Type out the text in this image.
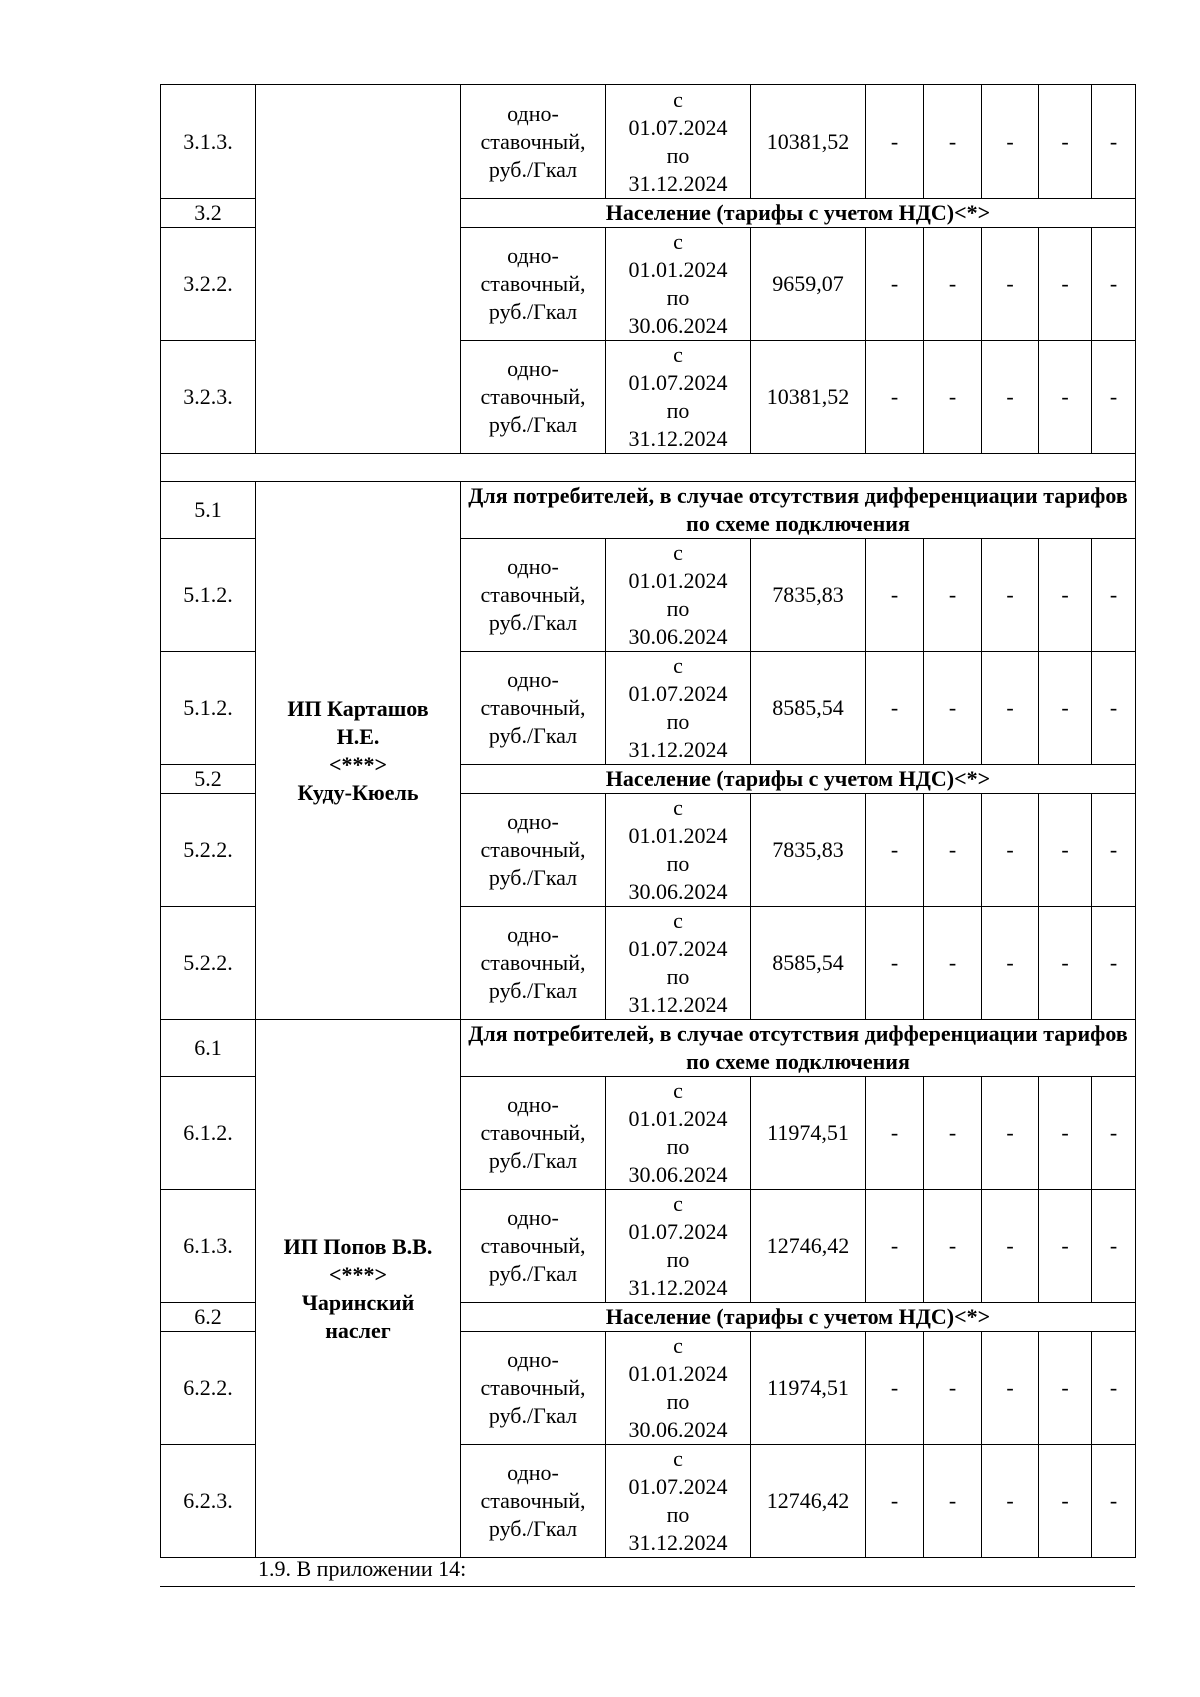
3.1.3.		одно-
ставочный,
руб./Гкал	с
01.07.2024
по
31.12.2024	10381,52	-	-	-	-	-
3.2		Население (тарифы с учетом НДС)<*>							
3.2.2.		одно-
ставочный,
руб./Гкал	с
01.01.2024
по
30.06.2024	9659,07	-	-	-	-	-
3.2.3.		одно-
ставочный,
руб./Гкал	с
01.07.2024
по
31.12.2024	10381,52	-	-	-	-	-

5.1	ИП Карташов
Н.Е.
<***>
Куду-Кюель	Для потребителей, в случае отсутствия дифференциации тарифов по схеме подключения							
5.1.2.		одно-
ставочный,
руб./Гкал	с
01.01.2024
по
30.06.2024	7835,83	-	-	-	-	-
5.1.2.		одно-
ставочный,
руб./Гкал	с
01.07.2024
по
31.12.2024	8585,54	-	-	-	-	-
5.2		Население (тарифы с учетом НДС)<*>							
5.2.2.		одно-
ставочный,
руб./Гкал	с
01.01.2024
по
30.06.2024	7835,83	-	-	-	-	-
5.2.2.		одно-
ставочный,
руб./Гкал	с
01.07.2024
по
31.12.2024	8585,54	-	-	-	-	-
6.1	ИП Попов В.В.
<***>
Чаринский
наслег	Для потребителей, в случае отсутствия дифференциации тарифов по схеме подключения							
6.1.2.		одно-
ставочный,
руб./Гкал	с
01.01.2024
по
30.06.2024	11974,51	-	-	-	-	-
6.1.3.		одно-
ставочный,
руб./Гкал	с
01.07.2024
по
31.12.2024	12746,42	-	-	-	-	-
6.2		Население (тарифы с учетом НДС)<*>							
6.2.2.		одно-
ставочный,
руб./Гкал	с
01.01.2024
по
30.06.2024	11974,51	-	-	-	-	-
6.2.3.		одно-
ставочный,
руб./Гкал	с
01.07.2024
по
31.12.2024	12746,42	-	-	-	-	-
1.9. В приложении 14:
